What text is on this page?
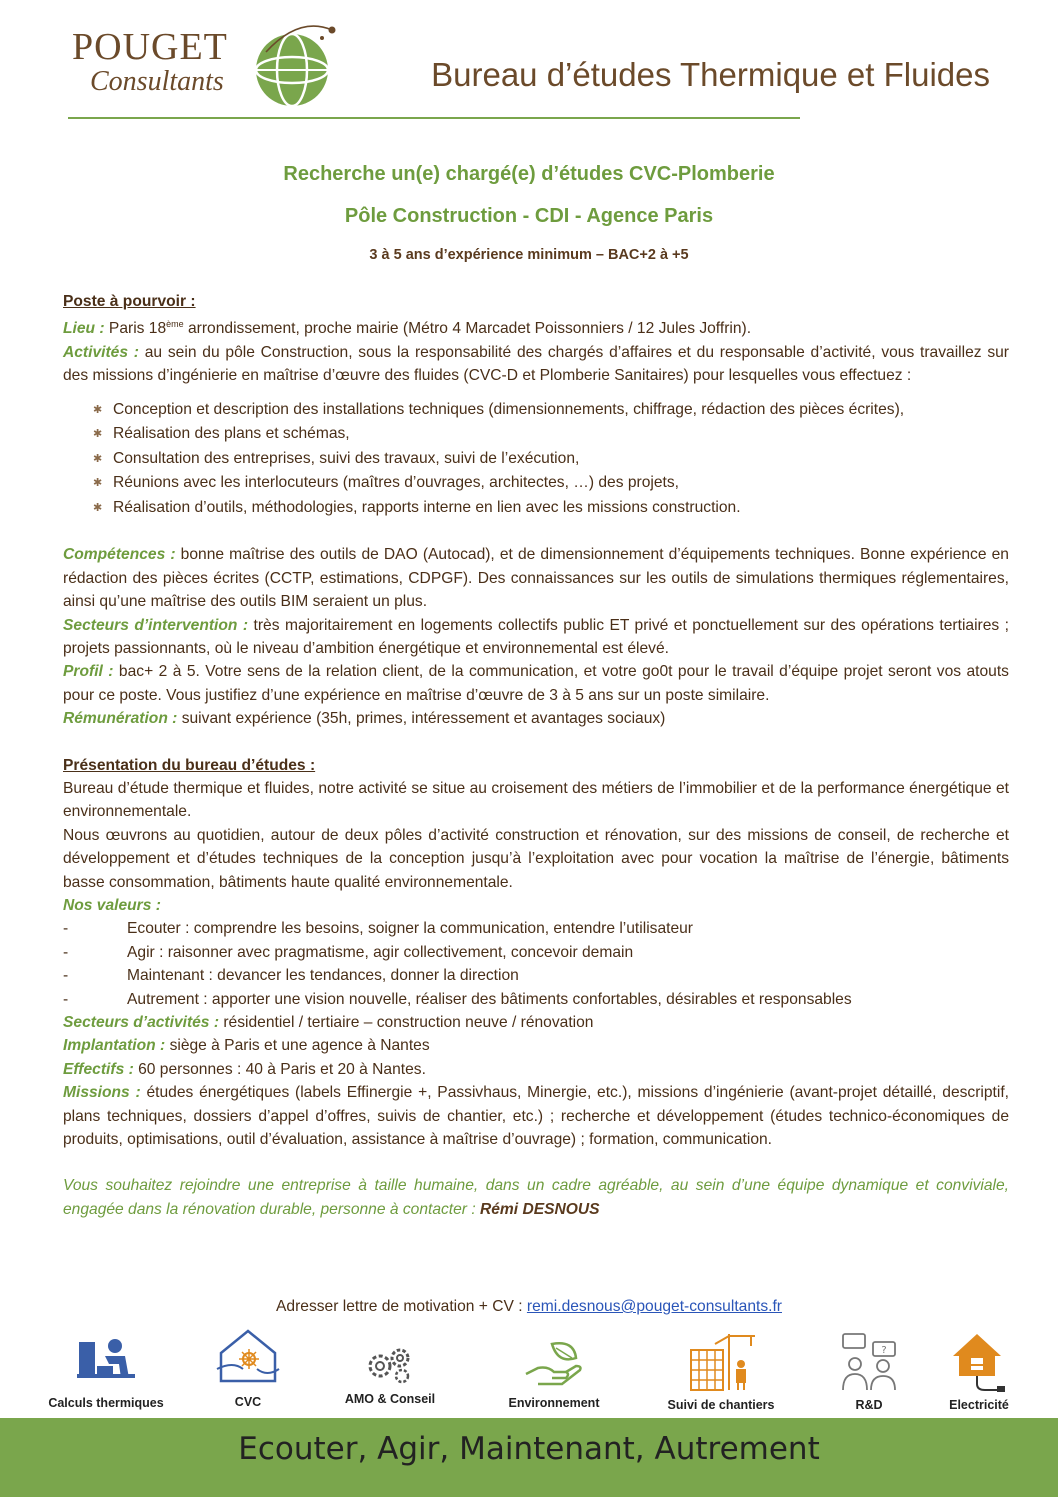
POUGET
Consultants	Bureau d’études Thermique et Fluides
Recherche un(e) chargé(e) d’études CVC-Plomberie
Pôle Construction - CDI - Agence Paris
3 à 5 ans d’expérience minimum – BAC+2 à +5
Poste à pourvoir :
Lieu : Paris 18ème arrondissement, proche mairie (Métro 4 Marcadet Poissonniers / 12 Jules Joffrin).
Activités : au sein du pôle Construction, sous la responsabilité des chargés d’affaires et du responsable d’activité, vous travaillez sur des missions d’ingénierie en maîtrise d’œuvre des fluides (CVC-D et Plomberie Sanitaires) pour lesquelles vous effectuez :
✱ Conception et description des installations techniques (dimensionnements, chiffrage, rédaction des pièces écrites),
✱ Réalisation des plans et schémas,
✱ Consultation des entreprises, suivi des travaux, suivi de l’exécution,
✱ Réunions avec les interlocuteurs (maîtres d’ouvrages, architectes, …) des projets,
✱ Réalisation d’outils, méthodologies, rapports interne en lien avec les missions construction.
Compétences : bonne maîtrise des outils de DAO (Autocad), et de dimensionnement d’équipements techniques. Bonne expérience en rédaction des pièces écrites (CCTP, estimations, CDPGF). Des connaissances sur les outils de simulations thermiques réglementaires, ainsi qu’une maîtrise des outils BIM seraient un plus.
Secteurs d’intervention : très majoritairement en logements collectifs public ET privé et ponctuellement sur des opérations tertiaires ; projets passionnants, où le niveau d’ambition énergétique et environnemental est élevé.
Profil : bac+ 2 à 5. Votre sens de la relation client, de la communication, et votre go0t pour le travail d’équipe projet seront vos atouts pour ce poste. Vous justifiez d’une expérience en maîtrise d’œuvre de 3 à 5 ans sur un poste similaire.
Rémunération : suivant expérience (35h, primes, intéressement et avantages sociaux)
Présentation du bureau d’études :
Bureau d’étude thermique et fluides, notre activité se situe au croisement des métiers de l’immobilier et de la performance énergétique et environnementale.
Nous œuvrons au quotidien, autour de deux pôles d’activité construction et rénovation, sur des missions de conseil, de recherche et développement et d’études techniques de la conception jusqu’à l’exploitation avec pour vocation la maîtrise de l’énergie, bâtiments basse consommation, bâtiments haute qualité environnementale.
Nos valeurs :
-	Ecouter : comprendre les besoins, soigner la communication, entendre l’utilisateur
-	Agir : raisonner avec pragmatisme, agir collectivement, concevoir demain
-	Maintenant : devancer les tendances, donner la direction
-	Autrement : apporter une vision nouvelle, réaliser des bâtiments confortables, désirables et responsables
Secteurs d’activités : résidentiel / tertiaire – construction neuve / rénovation
Implantation : siège à Paris et une agence à Nantes
Effectifs : 60 personnes : 40 à Paris et 20 à Nantes.
Missions : études énergétiques (labels Effinergie +, Passivhaus, Minergie, etc.), missions d’ingénierie (avant-projet détaillé, descriptif, plans techniques, dossiers d’appel d’offres, suivis de chantier, etc.) ; recherche et développement (études technico-économiques de produits, optimisations, outil d’évaluation, assistance à maîtrise d’ouvrage) ; formation, communication.
Vous souhaitez rejoindre une entreprise à taille humaine, dans un cadre agréable, au sein d’une équipe dynamique et conviviale, engagée dans la rénovation durable, personne à contacter : Rémi DESNOUS
Adresser lettre de motivation + CV : remi.desnous@pouget-consultants.fr
Calculs thermiques	CVC	AMO & Conseil	Environnement	Suivi de chantiers
?
R&D	Electricité
Ecouter, Agir, Maintenant, Autrement
